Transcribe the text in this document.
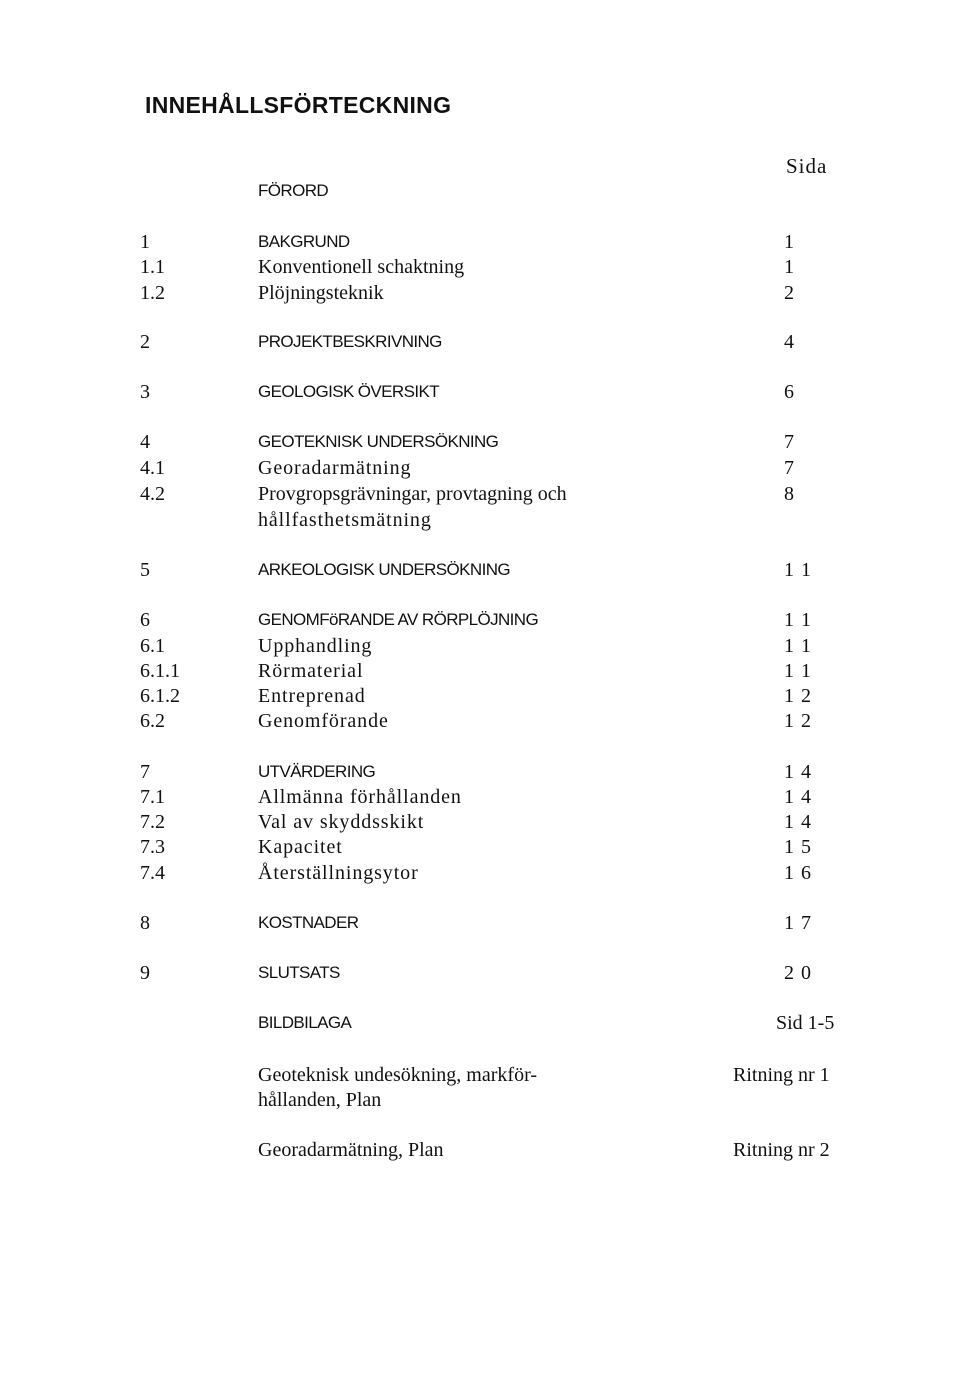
INNEHÅLLSFÖRTECKNING
Sida
FÖRORD
1	BAKGRUND	1
1.1	Konventionell schaktning	1
1.2	Plöjningsteknik	2
2	PROJEKTBESKRIVNING	4
3	GEOLOGISK ÖVERSIKT	6
4	GEOTEKNISK UNDERSÖKNING	7
4.1	Georadarmätning	7
4.2	Provgropsgrävningar, provtagning och	8
hållfasthetsmätning
5	ARKEOLOGISK UNDERSÖKNING	1 1
6	GENOMFöRANDE AV RÖRPLÖJNING	1 1
6.1	Upphandling	1 1
6.1.1	Rörmaterial	1 1
6.1.2	Entreprenad	1 2
6.2	Genomförande	1 2
7	UTVÄRDERING	1 4
7.1	Allmänna förhållanden	1 4
7.2	Val av skyddsskikt	1 4
7.3	Kapacitet	1 5
7.4	Återställningsytor	1 6
8	KOSTNADER	1 7
9	SLUTSATS	2 0
BILDBILAGA	Sid 1-5
Geoteknisk undesökning, markför-	Ritning nr 1
hållanden, Plan
Georadarmätning, Plan	Ritning nr 2
